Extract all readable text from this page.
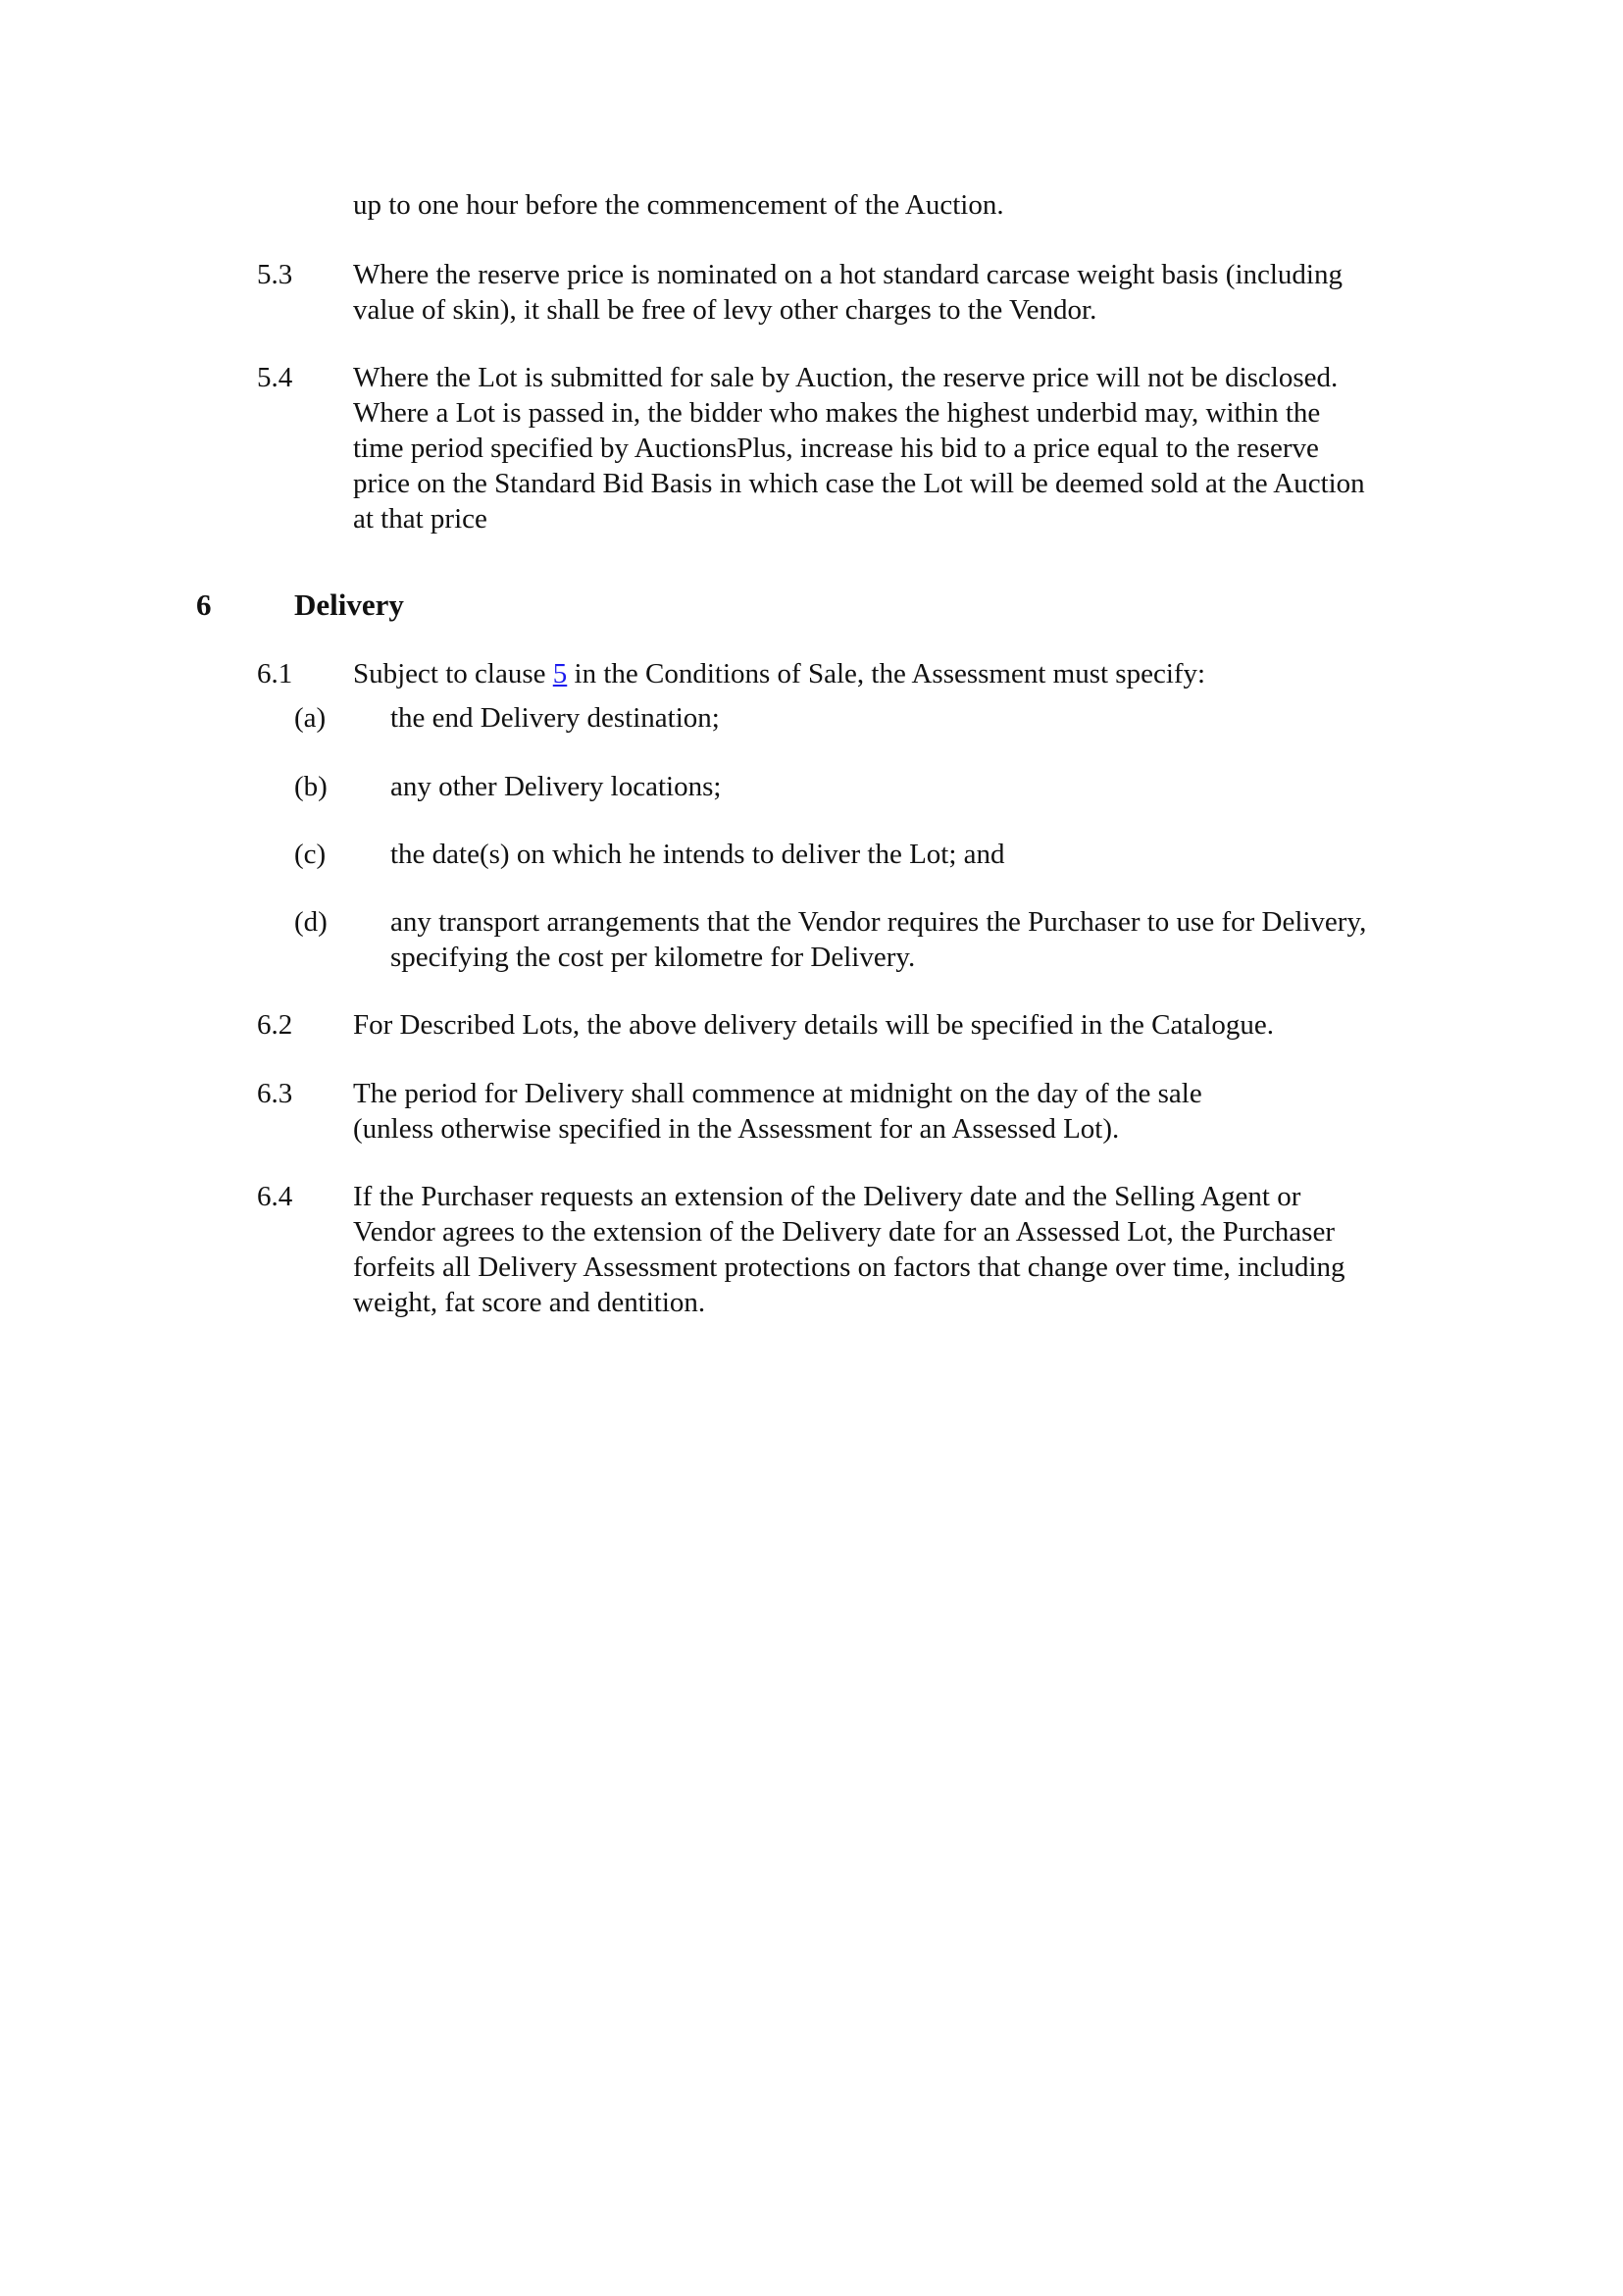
up to one hour before the commencement of the Auction.
5.3 Where the reserve price is nominated on a hot standard carcase weight basis (including
value of skin), it shall be free of levy other charges to the Vendor.
5.4 Where the Lot is submitted for sale by Auction, the reserve price will not be disclosed.
Where a Lot is passed in, the bidder who makes the highest underbid may, within the
time period specified by AuctionsPlus, increase his bid to a price equal to the reserve
price on the Standard Bid Basis in which case the Lot will be deemed sold at the Auction
at that price
6	Delivery
6.1 Subject to clause 5 in the Conditions of Sale, the Assessment must specify:
(a) the end Delivery destination;
(b) any other Delivery locations;
(c) the date(s) on which he intends to deliver the Lot; and
(d) any transport arrangements that the Vendor requires the Purchaser to use for Delivery,
specifying the cost per kilometre for Delivery.
6.2 For Described Lots, the above delivery details will be specified in the Catalogue.
6.3 The period for Delivery shall commence at midnight on the day of the sale
(unless otherwise specified in the Assessment for an Assessed Lot).
6.4 If the Purchaser requests an extension of the Delivery date and the Selling Agent or
Vendor agrees to the extension of the Delivery date for an Assessed Lot, the Purchaser
forfeits all Delivery Assessment protections on factors that change over time, including
weight, fat score and dentition.
